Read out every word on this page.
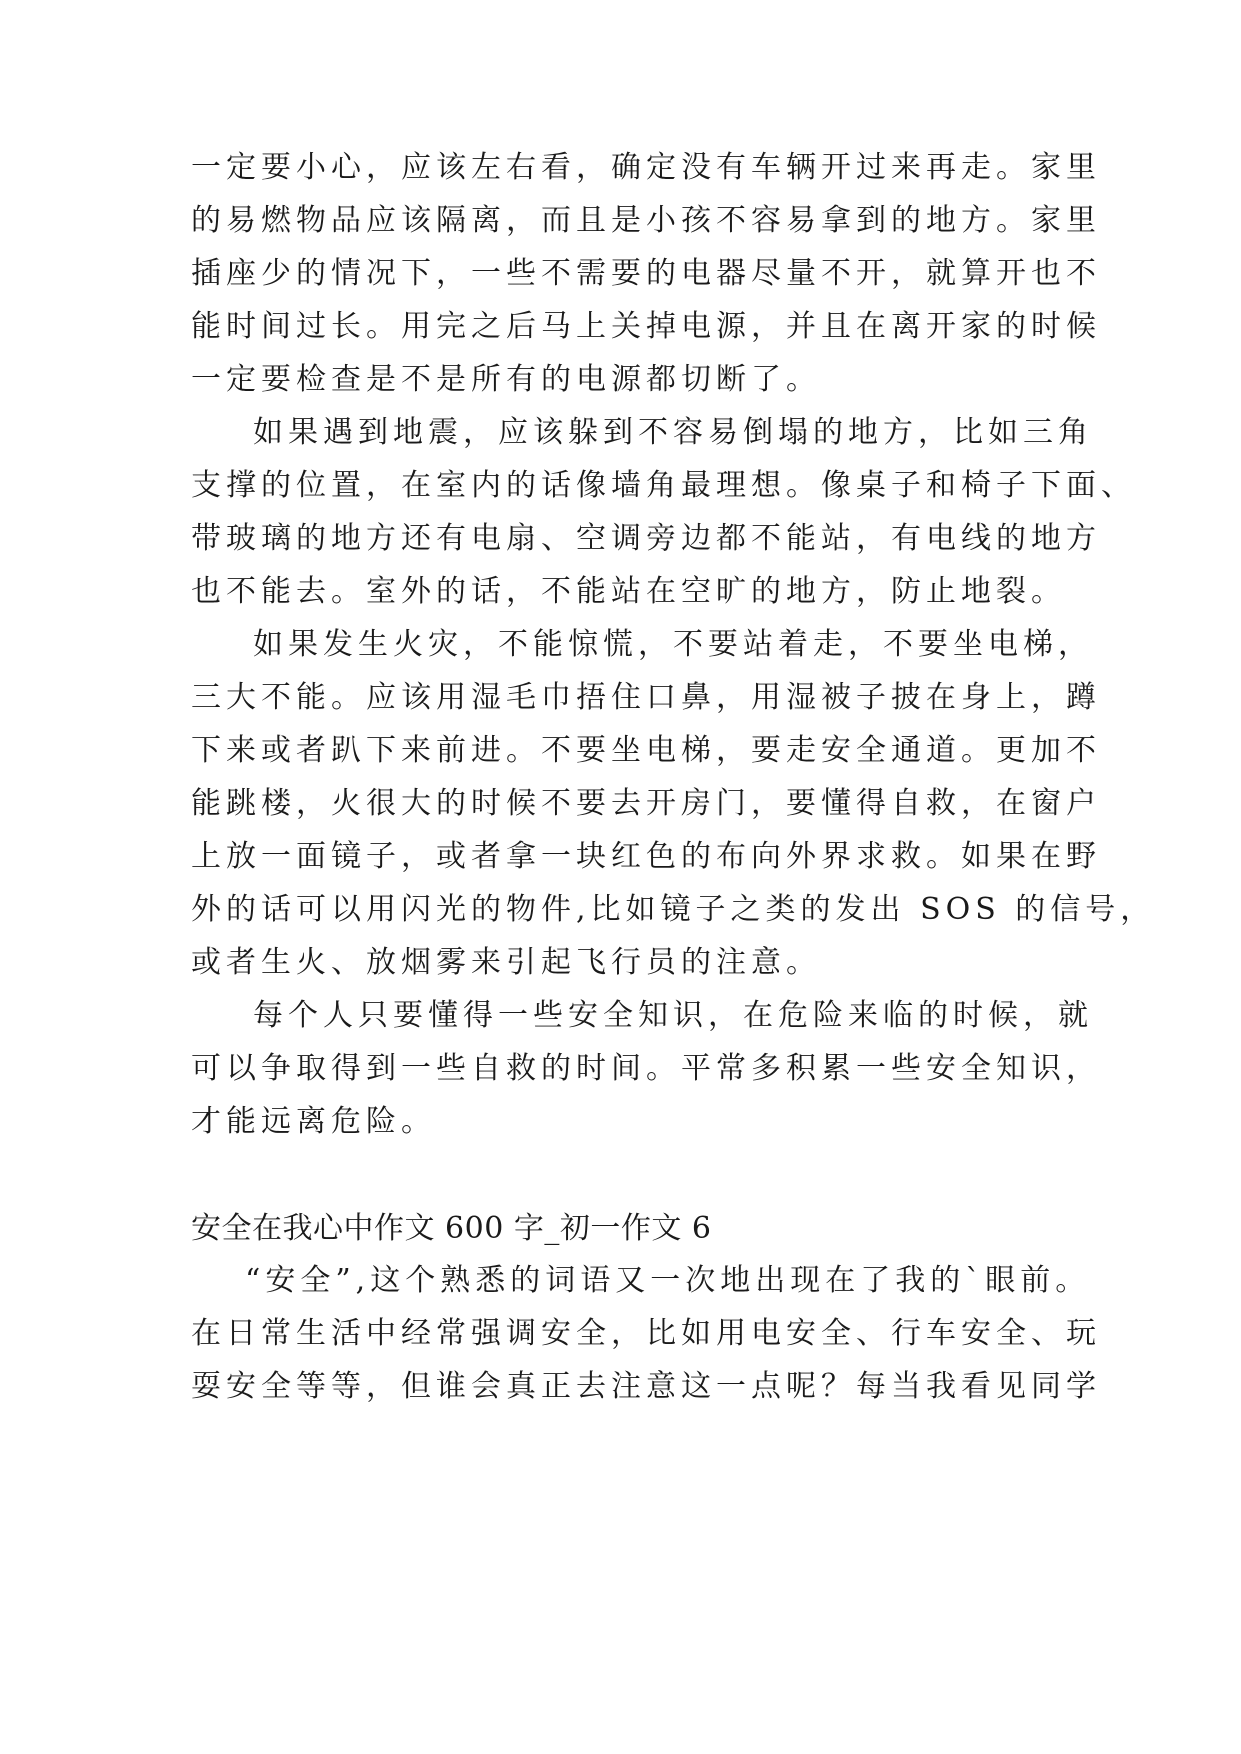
一定要小心，应该左右看，确定没有车辆开过来再走。家里
的易燃物品应该隔离，而且是小孩不容易拿到的地方。家里
插座少的情况下，一些不需要的电器尽量不开，就算开也不
能时间过长。用完之后马上关掉电源，并且在离开家的时候
一定要检查是不是所有的电源都切断了。
如果遇到地震，应该躲到不容易倒塌的地方，比如三角
支撑的位置，在室内的话像墙角最理想。像桌子和椅子下面、
带玻璃的地方还有电扇、空调旁边都不能站，有电线的地方
也不能去。室外的话，不能站在空旷的地方，防止地裂。
如果发生火灾，不能惊慌，不要站着走，不要坐电梯，
三大不能。应该用湿毛巾捂住口鼻，用湿被子披在身上，蹲
下来或者趴下来前进。不要坐电梯，要走安全通道。更加不
能跳楼，火很大的时候不要去开房门，要懂得自救，在窗户
上放一面镜子，或者拿一块红色的布向外界求救。如果在野
外的话可以用闪光的物件,比如镜子之类的发出 SOS 的信号，
或者生火、放烟雾来引起飞行员的注意。
每个人只要懂得一些安全知识，在危险来临的时候，就
可以争取得到一些自救的时间。平常多积累一些安全知识，
才能远离危险。
安全在我心中作文 600 字_初一作文 6
“安全”,这个熟悉的词语又一次地出现在了我的`眼前。
在日常生活中经常强调安全，比如用电安全、行车安全、玩
耍安全等等，但谁会真正去注意这一点呢？每当我看见同学
